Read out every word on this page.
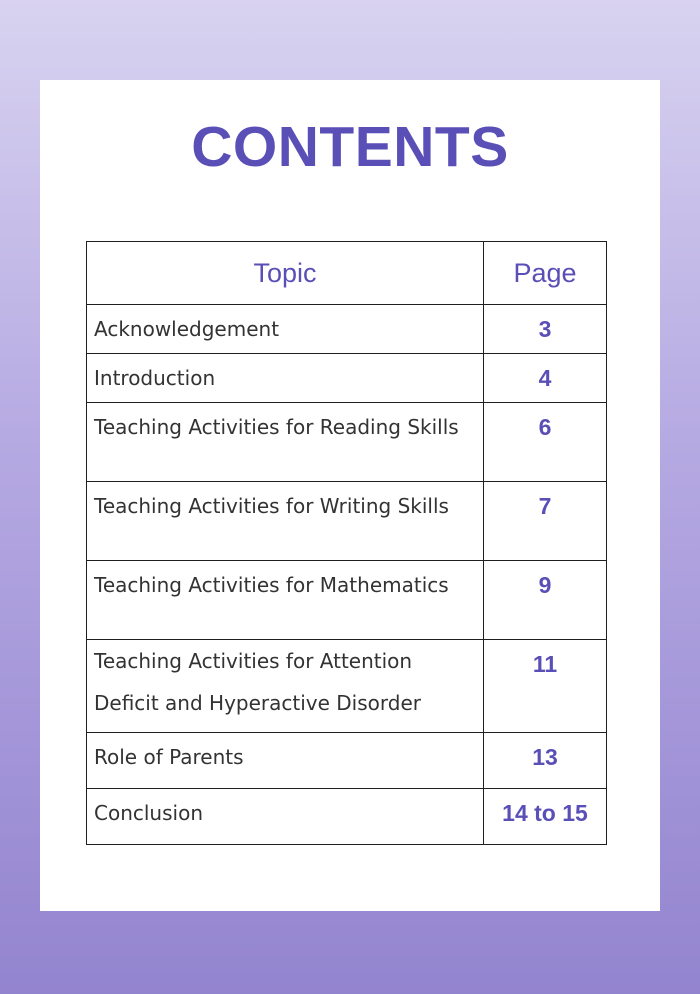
CONTENTS
Topic	Page
Acknowledgement	3
Introduction	4
Teaching Activities for Reading Skills	6
Teaching Activities for Writing Skills	7
Teaching Activities for Mathematics	9
Teaching Activities for Attention Deficit and Hyperactive Disorder	11
Role of Parents	13
Conclusion	14 to 15
